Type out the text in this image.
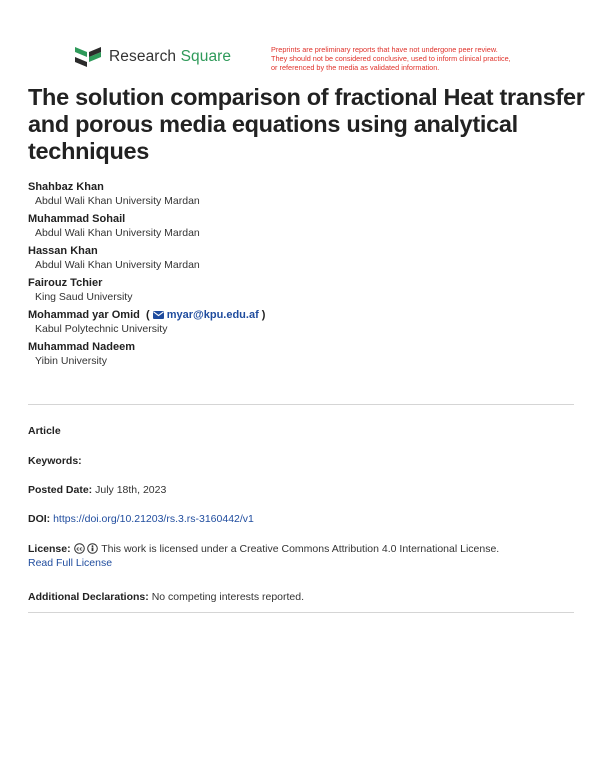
Research Square	Preprints are preliminary reports that have not undergone peer review.
They should not be considered conclusive, used to inform clinical practice,
or referenced by the media as validated information.
The solution comparison of fractional Heat transfer and porous media equations using analytical techniques
Shahbaz Khan
Abdul Wali Khan University Mardan
Muhammad Sohail
Abdul Wali Khan University Mardan
Hassan Khan
Abdul Wali Khan University Mardan
Fairouz Tchier
King Saud University
Mohammad yar Omid  ( myar@kpu.edu.af )
Kabul Polytechnic University
Muhammad Nadeem
Yibin University
Article
Keywords:
Posted Date: July 18th, 2023
DOI: https://doi.org/10.21203/rs.3.rs-3160442/v1
License: cc This work is licensed under a Creative Commons Attribution 4.0 International License.
Read Full License
Additional Declarations: No competing interests reported.
